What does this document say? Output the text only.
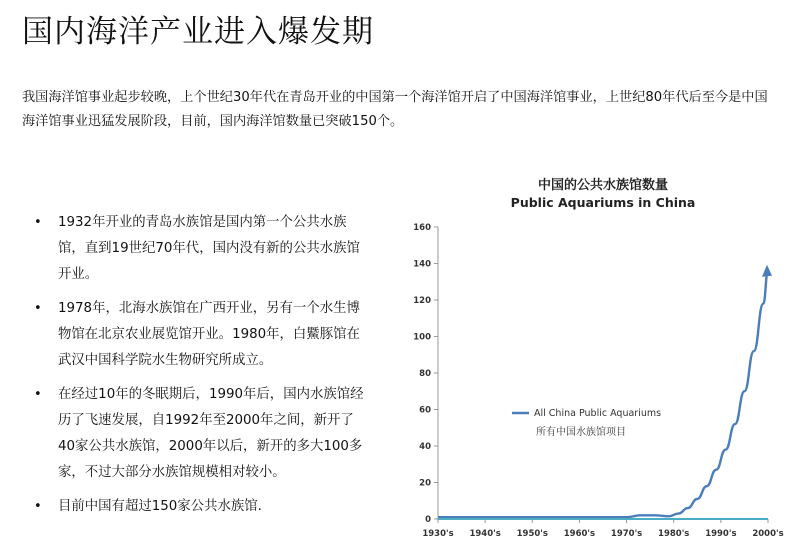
国内海洋产业进入爆发期
我国海洋馆事业起步较晚，上个世纪30年代在青岛开业的中国第一个海洋馆开启了中国海洋馆事业，上世纪80年代后至今是中国海洋馆事业迅猛发展阶段，目前，国内海洋馆数量已突破150个。
• 1932年开业的青岛水族馆是国内第一个公共水族馆，直到19世纪70年代，国内没有新的公共水族馆开业。
• 1978年，北海水族馆在广西开业，另有一个水生博物馆在北京农业展览馆开业。1980年，白鱀豚馆在武汉中国科学院水生物研究所成立。
• 在经过10年的冬眠期后，1990年后，国内水族馆经历了飞速发展，自1992年至2000年之间，新开了40家公共水族馆，2000年以后，新开的多大100多家，不过大部分水族馆规模相对较小。
• 目前中国有超过150家公共水族馆.
中国的公共水族馆数量
Public Aquariums in China
0
20
40
60
80
100
120
140
160
1930's 1940's 1950's 1960's 1970's 1980's 1990's 2000's
All China Public Aquariums
所有中国水族馆项目
